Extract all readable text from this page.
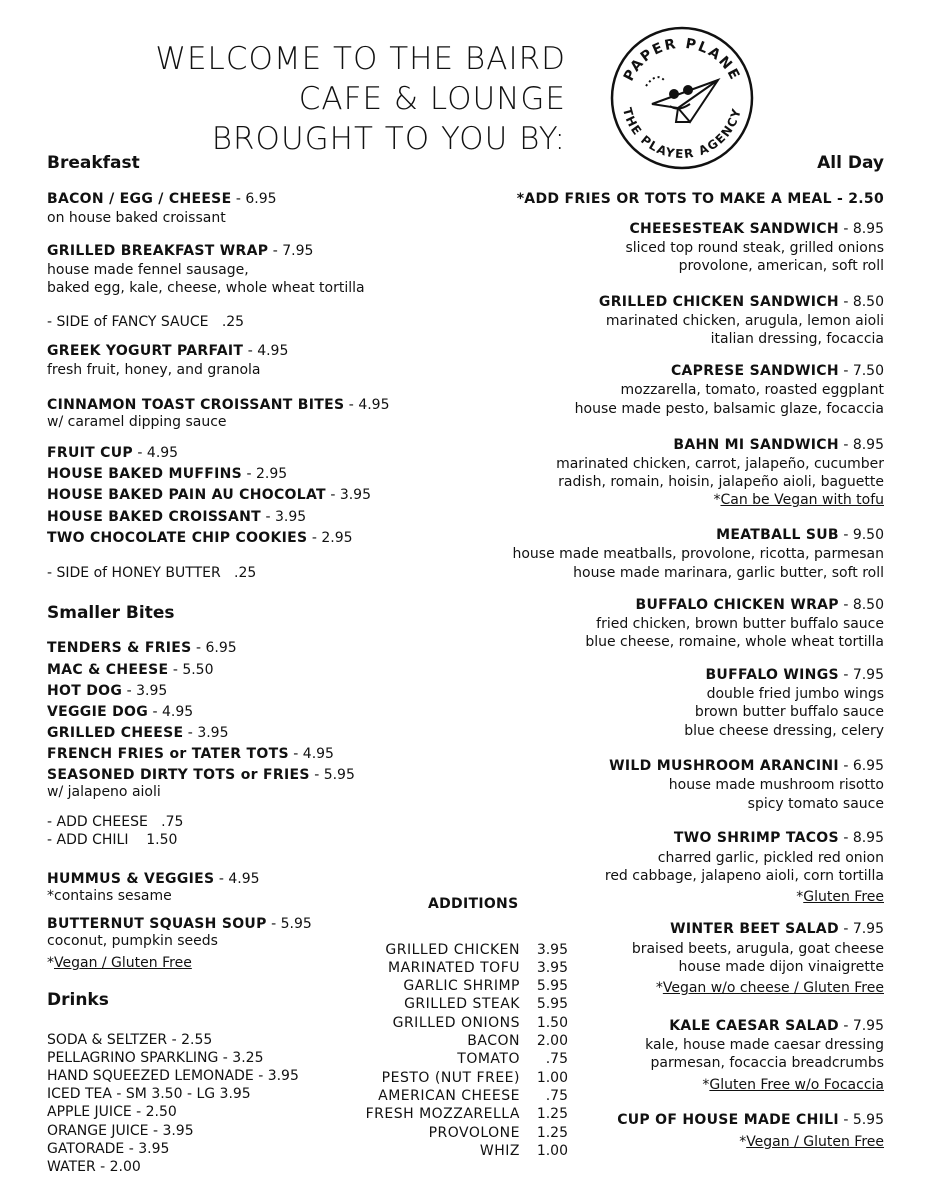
WELCOME TO THE BAIRD
CAFE & LOUNGE
BROUGHT TO YOU BY:
PAPER PLANE
THE PLAYER AGENCY
Breakfast
BACON / EGG / CHEESE - 6.95
on house baked croissant
GRILLED BREAKFAST WRAP - 7.95
house made fennel sausage,
baked egg, kale, cheese, whole wheat tortilla
- SIDE of FANCY SAUCE   .25
GREEK YOGURT PARFAIT - 4.95
fresh fruit, honey, and granola
CINNAMON TOAST CROISSANT BITES - 4.95
w/ caramel dipping sauce
FRUIT CUP - 4.95
HOUSE BAKED MUFFINS - 2.95
HOUSE BAKED PAIN AU CHOCOLAT - 3.95
HOUSE BAKED CROISSANT - 3.95
TWO CHOCOLATE CHIP COOKIES - 2.95
- SIDE of HONEY BUTTER   .25
Smaller Bites
TENDERS & FRIES - 6.95
MAC & CHEESE - 5.50
HOT DOG - 3.95
VEGGIE DOG - 4.95
GRILLED CHEESE - 3.95
FRENCH FRIES or TATER TOTS - 4.95
SEASONED DIRTY TOTS or FRIES - 5.95
w/ jalapeno aioli
- ADD CHEESE   .75
- ADD CHILI    1.50
HUMMUS & VEGGIES - 4.95
*contains sesame
BUTTERNUT SQUASH SOUP - 5.95
coconut, pumpkin seeds
*Vegan / Gluten Free
Drinks
SODA & SELTZER - 2.55
PELLAGRINO SPARKLING - 3.25
HAND SQUEEZED LEMONADE - 3.95
ICED TEA - SM 3.50 - LG 3.95
APPLE JUICE - 2.50
ORANGE JUICE - 3.95
GATORADE - 3.95
WATER - 2.00
ADDITIONS
GRILLED CHICKEN 3.95
MARINATED TOFU 3.95
GARLIC SHRIMP 5.95
GRILLED STEAK 5.95
GRILLED ONIONS 1.50
BACON 2.00
TOMATO .75
PESTO (NUT FREE) 1.00
AMERICAN CHEESE .75
FRESH MOZZARELLA 1.25
PROVOLONE 1.25
WHIZ 1.00
All Day
*ADD FRIES OR TOTS TO MAKE A MEAL - 2.50
CHEESESTEAK SANDWICH - 8.95
sliced top round steak, grilled onions
provolone, american, soft roll
GRILLED CHICKEN SANDWICH - 8.50
marinated chicken, arugula, lemon aioli
italian dressing, focaccia
CAPRESE SANDWICH - 7.50
mozzarella, tomato, roasted eggplant
house made pesto, balsamic glaze, focaccia
BAHN MI SANDWICH - 8.95
marinated chicken, carrot, jalapeño, cucumber
radish, romain, hoisin, jalapeño aioli, baguette
*Can be Vegan with tofu
MEATBALL SUB - 9.50
house made meatballs, provolone, ricotta, parmesan
house made marinara, garlic butter, soft roll
BUFFALO CHICKEN WRAP - 8.50
fried chicken, brown butter buffalo sauce
blue cheese, romaine, whole wheat tortilla
BUFFALO WINGS - 7.95
double fried jumbo wings
brown butter buffalo sauce
blue cheese dressing, celery
WILD MUSHROOM ARANCINI - 6.95
house made mushroom risotto
spicy tomato sauce
TWO SHRIMP TACOS - 8.95
charred garlic, pickled red onion
red cabbage, jalapeno aioli, corn tortilla
*Gluten Free
WINTER BEET SALAD - 7.95
braised beets, arugula, goat cheese
house made dijon vinaigrette
*Vegan w/o cheese / Gluten Free
KALE CAESAR SALAD - 7.95
kale, house made caesar dressing
parmesan, focaccia breadcrumbs
*Gluten Free w/o Focaccia
CUP OF HOUSE MADE CHILI - 5.95
*Vegan / Gluten Free
